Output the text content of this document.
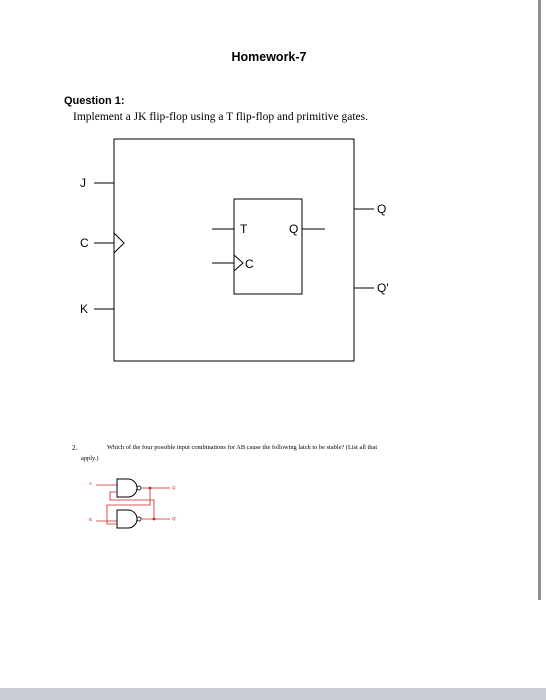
Homework-7
Question 1:
Implement a JK flip-flop using a T flip-flop and primitive gates.
J
C
K
Q
Q'
T	Q
C
2.	Which of the four possible input combinations for AB cause the following latch to be stable? (List all that
apply.)
A
B
Q
Q'
